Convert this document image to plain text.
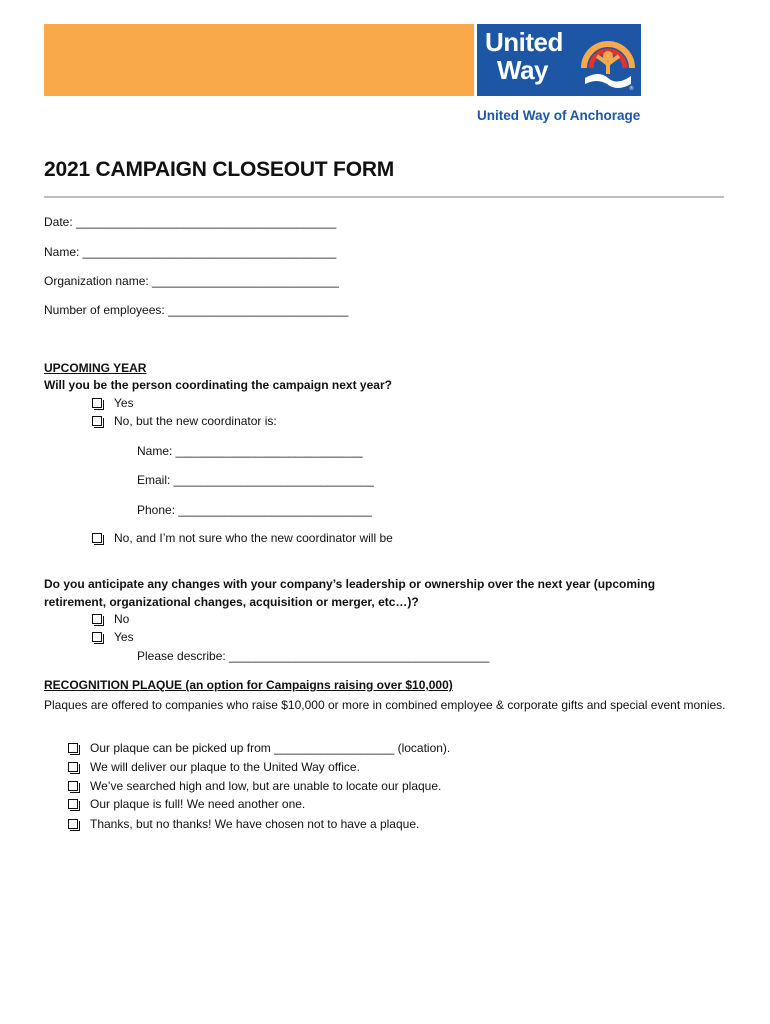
United
Way
®
United Way of Anchorage
2021 CAMPAIGN CLOSEOUT FORM
Date: _______________________________________
Name: ______________________________________
Organization name: ____________________________
Number of employees: ___________________________
UPCOMING YEAR
Will you be the person coordinating the campaign next year?
Yes
No, but the new coordinator is:
Name: ____________________________
Email: ______________________________
Phone: _____________________________
No, and I’m not sure who the new coordinator will be
Do you anticipate any changes with your company’s leadership or ownership over the next year (upcoming
retirement, organizational changes, acquisition or merger, etc…)?
No
Yes
Please describe: _______________________________________
RECOGNITION PLAQUE (an option for Campaigns raising over $10,000)
Plaques are offered to companies who raise $10,000 or more in combined employee & corporate gifts and special event monies.
Our plaque can be picked up from __________________ (location).
We will deliver our plaque to the United Way office.
We’ve searched high and low, but are unable to locate our plaque.
Our plaque is full! We need another one.
Thanks, but no thanks! We have chosen not to have a plaque.
